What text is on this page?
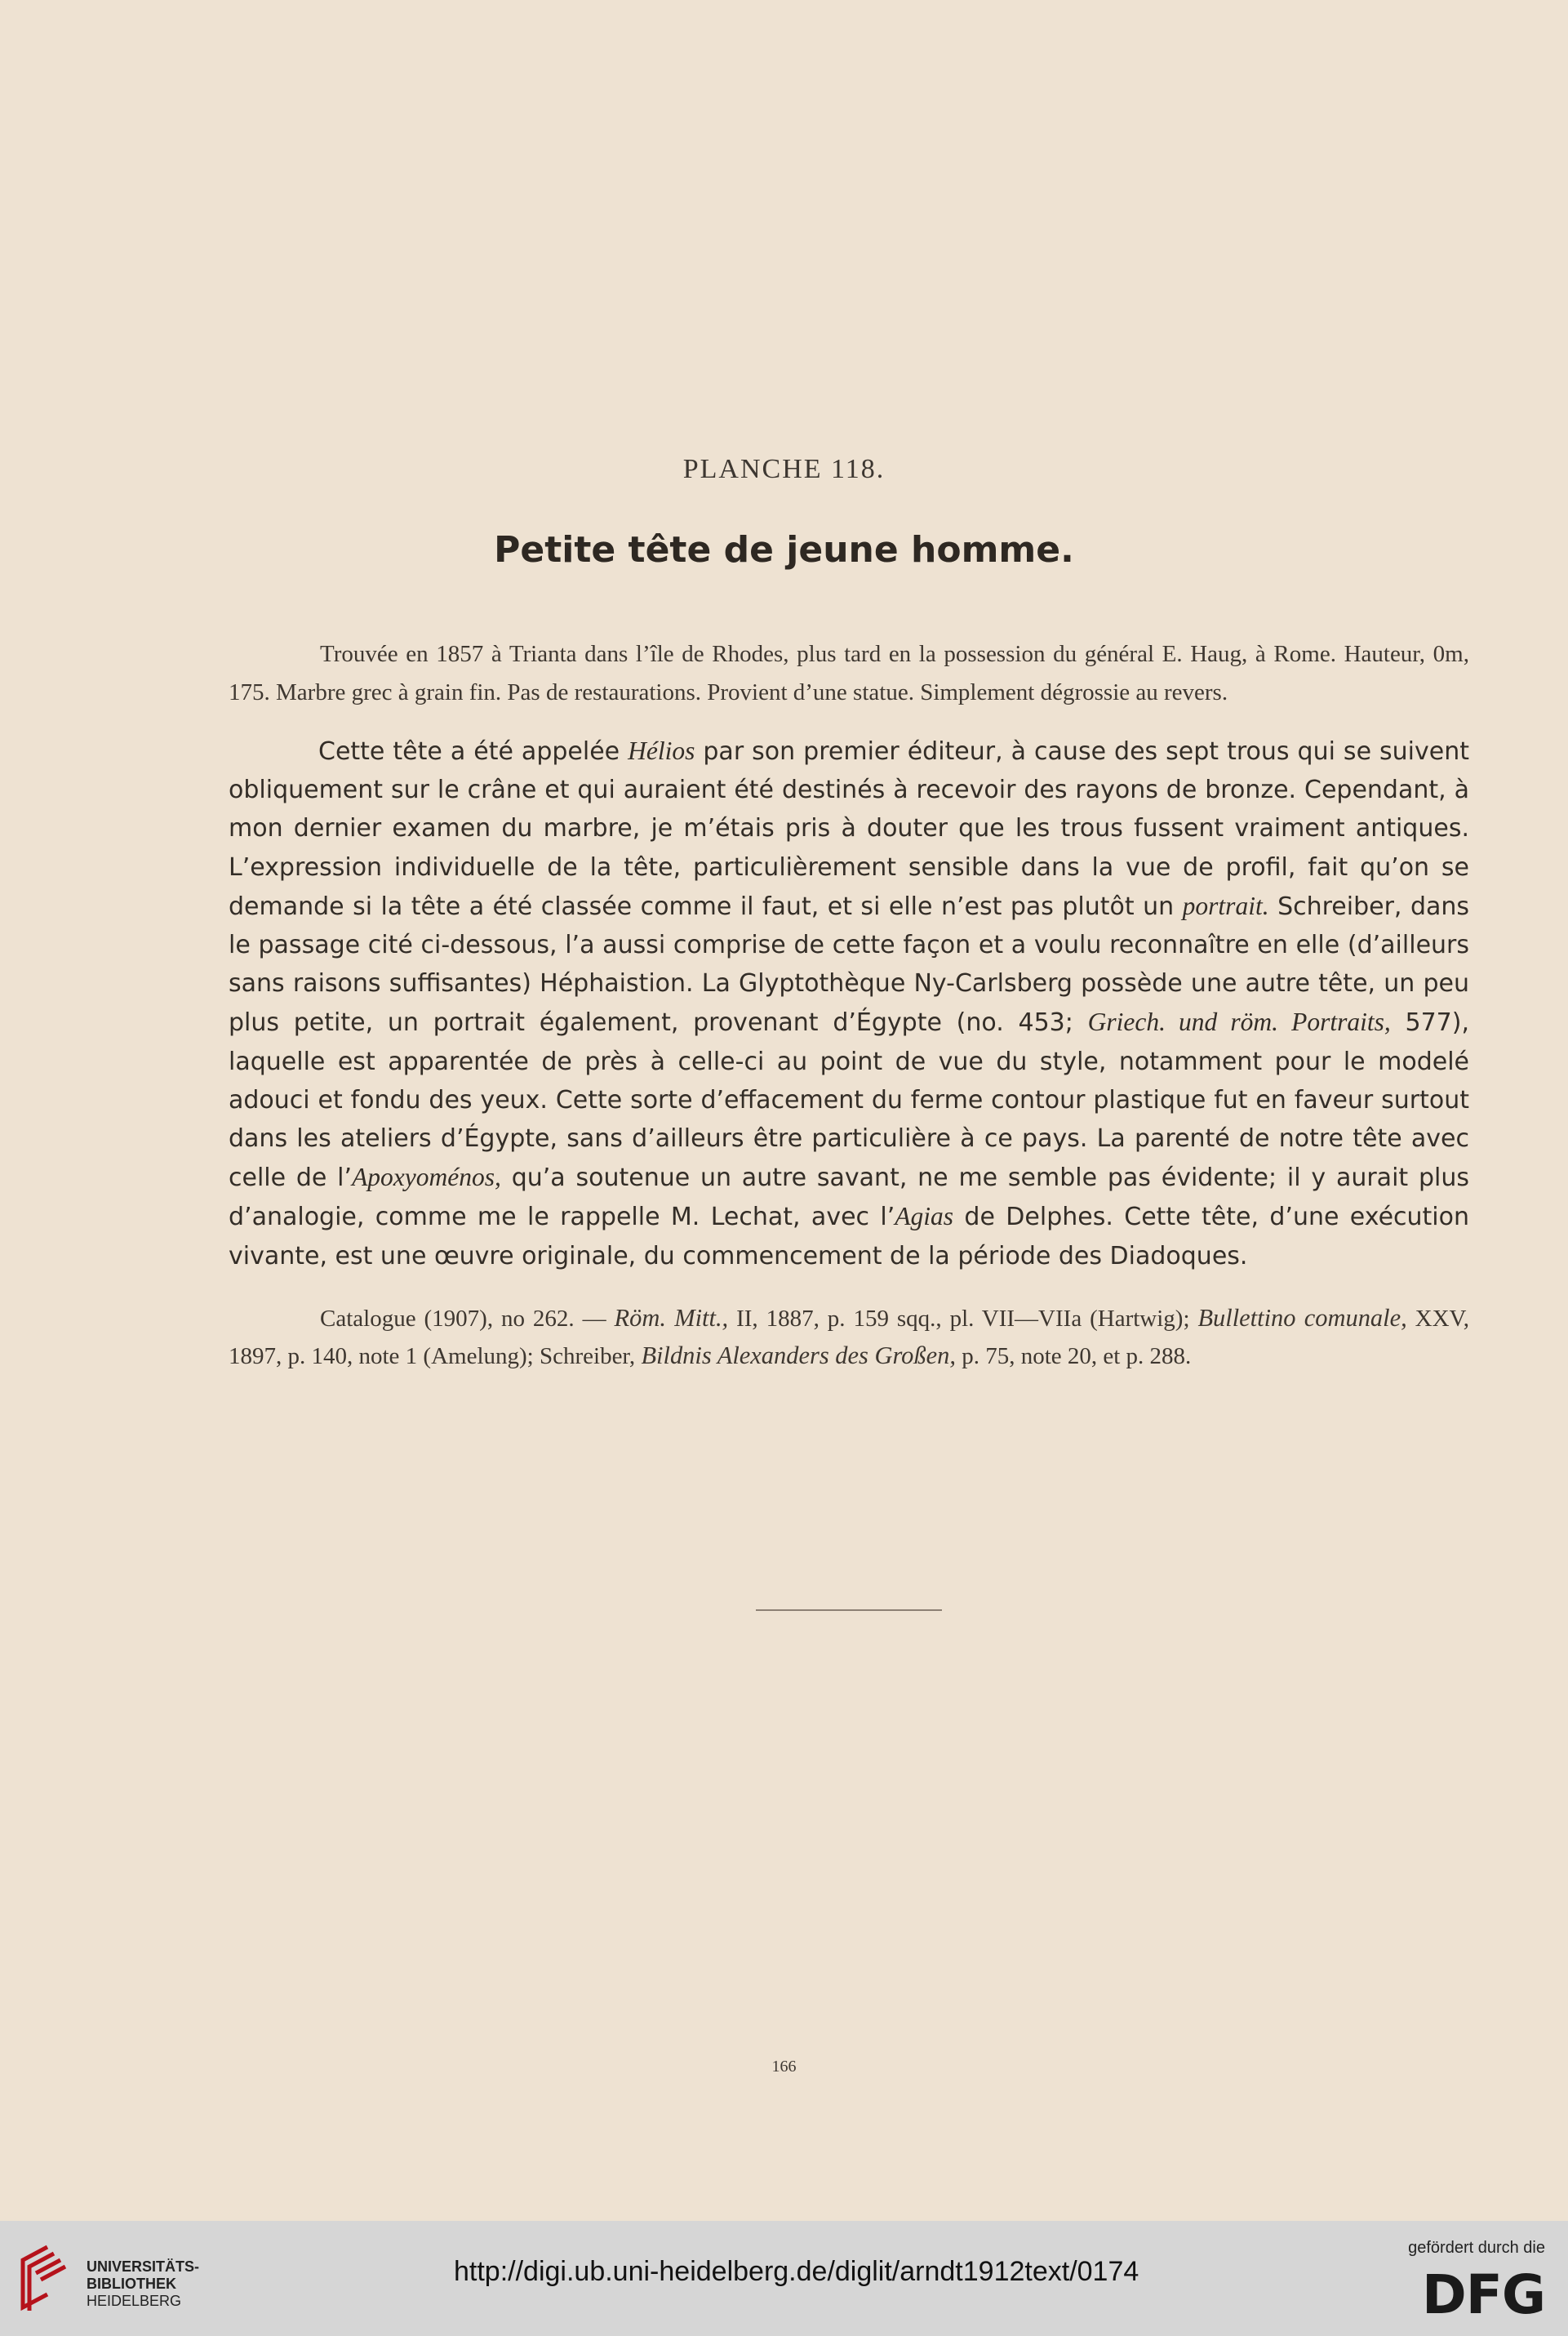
PLANCHE 118.
Petite tête de jeune homme.

Trouvée en 1857 à Trianta dans l’île de Rhodes, plus tard en la possession du général E. Haug, à Rome. Hauteur, 0m, 175. Marbre grec à grain fin. Pas de restaurations. Provient d’une statue. Simplement dégrossie au revers.

Cette tête a été appelée Hélios par son premier éditeur, à cause des sept trous qui se suivent obliquement sur le crâne et qui auraient été destinés à recevoir des rayons de bronze. Cependant, à mon dernier examen du marbre, je m’étais pris à douter que les trous fussent vraiment antiques. L’expression individuelle de la tête, particulièrement sensible dans la vue de profil, fait qu’on se demande si la tête a été classée comme il faut, et si elle n’est pas plutôt un portrait. Schreiber, dans le passage cité ci-dessous, l’a aussi comprise de cette façon et a voulu reconnaître en elle (d’ailleurs sans raisons suffisantes) Héphaistion. La Glyptothèque Ny-Carlsberg possède une autre tête, un peu plus petite, un portrait également, provenant d’Égypte (no. 453; Griech. und röm. Portraits, 577), laquelle est apparentée de près à celle-ci au point de vue du style, notamment pour le modelé adouci et fondu des yeux. Cette sorte d’effacement du ferme contour plastique fut en faveur surtout dans les ateliers d’Égypte, sans d’ailleurs être particulière à ce pays. La parenté de notre tête avec celle de l’Apoxyoménos, qu’a soutenue un autre savant, ne me semble pas évidente; il y aurait plus d’analogie, comme me le rappelle M. Lechat, avec l’Agias de Delphes. Cette tête, d’une exécution vivante, est une œuvre originale, du commencement de la période des Diadoques.

Catalogue (1907), no 262. — Röm. Mitt., II, 1887, p. 159 sqq., pl. VII—VIIa (Hartwig); Bullettino comunale, XXV, 1897, p. 140, note 1 (Amelung); Schreiber, Bildnis Alexanders des Großen, p. 75, note 20, et p. 288.

166
UNIVERSITÄTS-
BIBLIOTHEK
HEIDELBERG
http://digi.ub.uni-heidelberg.de/diglit/arndt1912text/0174
gefördert durch die
DFG
